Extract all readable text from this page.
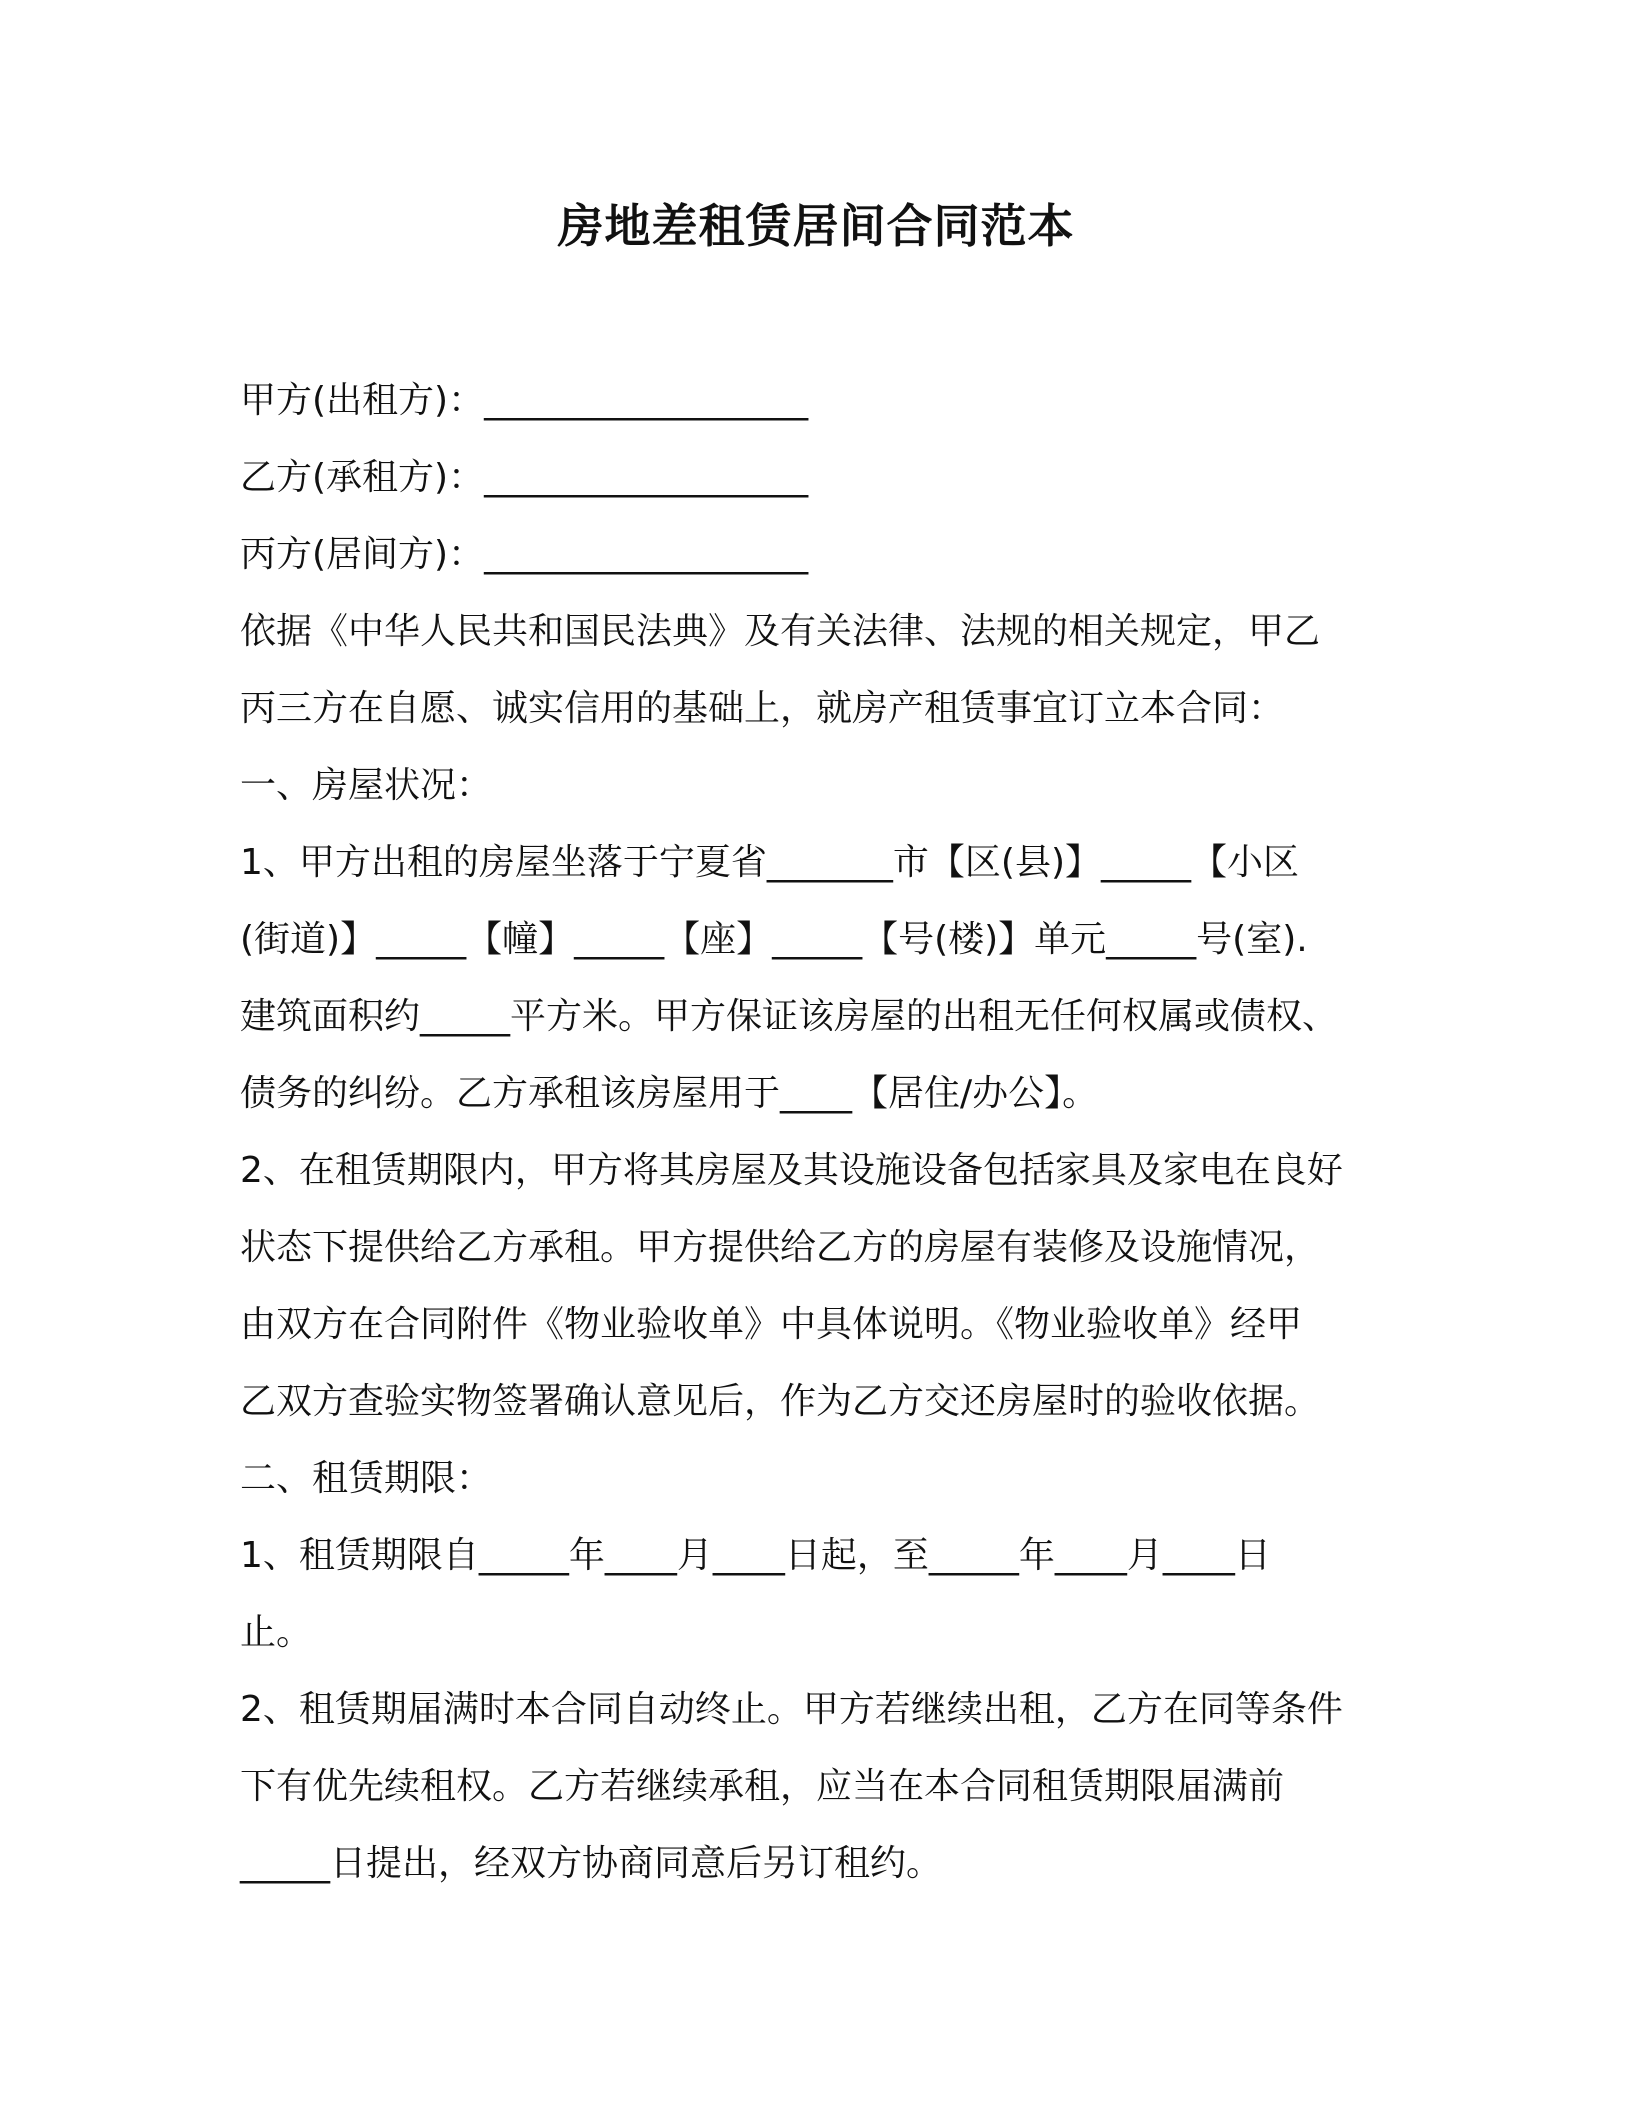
房地差租赁居间合同范本

甲方(出租方)：__________________

乙方(承租方)：__________________

丙方(居间方)：__________________

依据《中华人民共和国民法典》及有关法律、法规的相关规定，甲乙

丙三方在自愿、诚实信用的基础上，就房产租赁事宜订立本合同：

一、房屋状况：

1、甲方出租的房屋坐落于宁夏省_______市【区(县)】_____【小区

(街道)】_____【幢】_____【座】_____【号(楼)】单元_____号(室).

建筑面积约_____平方米。甲方保证该房屋的出租无任何权属或债权、

债务的纠纷。乙方承租该房屋用于____【居住/办公】。

2、在租赁期限内，甲方将其房屋及其设施设备包括家具及家电在良好

状态下提供给乙方承租。甲方提供给乙方的房屋有装修及设施情况，

由双方在合同附件《物业验收单》中具体说明。《物业验收单》经甲

乙双方查验实物签署确认意见后，作为乙方交还房屋时的验收依据。

二、租赁期限：

1、租赁期限自_____年____月____日起，至_____年____月____日

止。

2、租赁期届满时本合同自动终止。甲方若继续出租，乙方在同等条件

下有优先续租权。乙方若继续承租，应当在本合同租赁期限届满前

_____日提出，经双方协商同意后另订租约。
